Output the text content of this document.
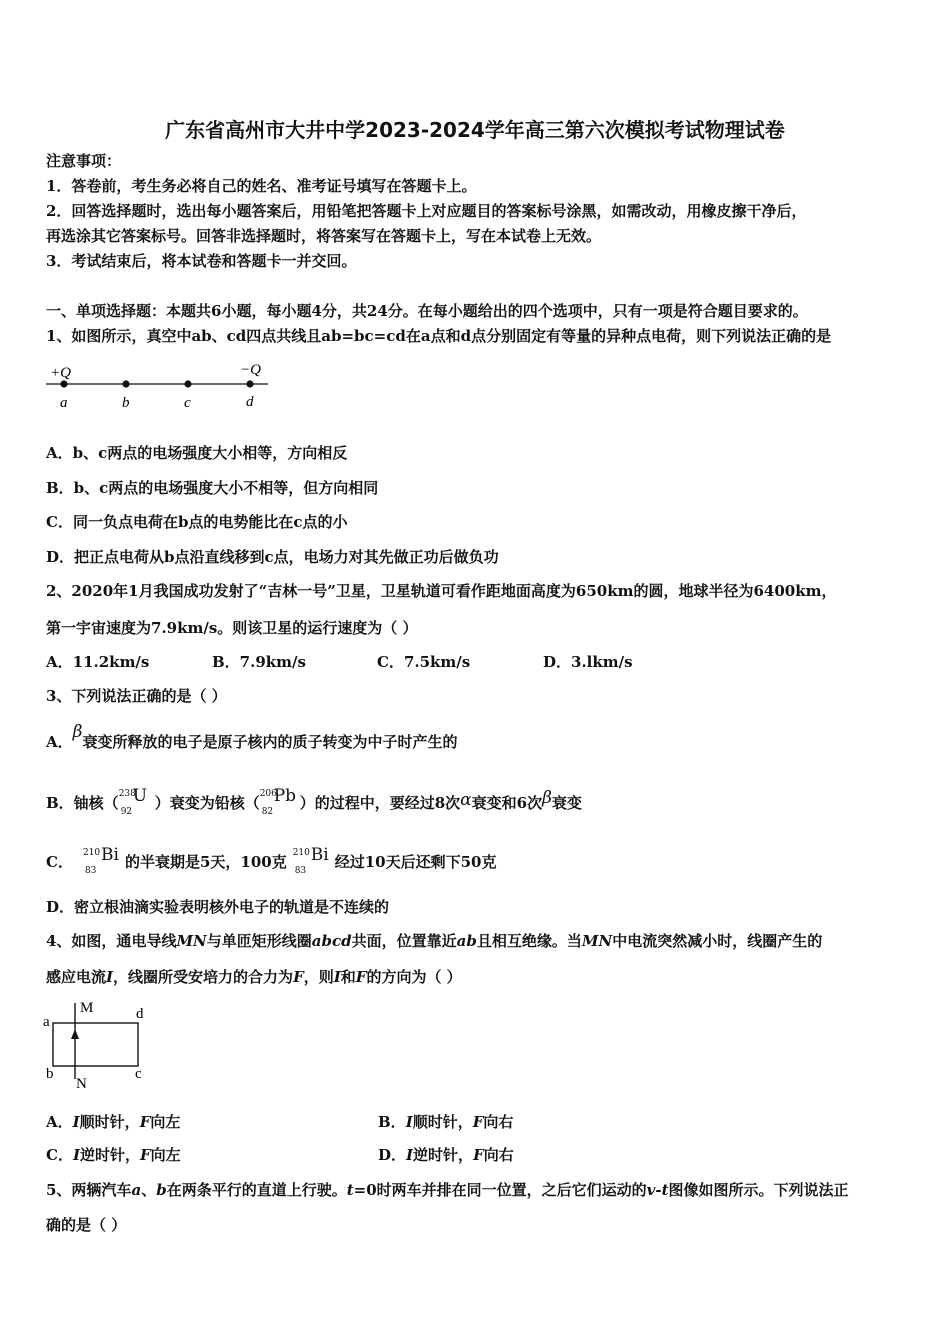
广东省高州市大井中学2023-2024学年高三第六次模拟考试物理试卷
注意事项：
1．答卷前，考生务必将自己的姓名、准考证号填写在答题卡上。
2．回答选择题时，选出每小题答案后，用铅笔把答题卡上对应题目的答案标号涂黑，如需改动，用橡皮擦干净后，
再选涂其它答案标号。回答非选择题时，将答案写在答题卡上，写在本试卷上无效。
3．考试结束后，将本试卷和答题卡一并交回。
一、单项选择题：本题共6小题，每小题4分，共24分。在每小题给出的四个选项中，只有一项是符合题目要求的。
1、如图所示，真空中ab、cd四点共线且ab=bc=cd在a点和d点分别固定有等量的异种点电荷，则下列说法正确的是
+Q	−Q
a	b	c	d
A．b、c两点的电场强度大小相等，方向相反
B．b、c两点的电场强度大小不相等，但方向相同
C．同一负点电荷在b点的电势能比在c点的小
D．把正点电荷从b点沿直线移到c点，电场力对其先做正功后做负功
2、2020年1月我国成功发射了“吉林一号”卫星，卫星轨道可看作距地面高度为650km的圆，地球半径为6400km，
第一宇宙速度为7.9km/s。则该卫星的运行速度为（ ）
A．11.2km/s	B．7.9km/s	C．7.5km/s	D．3.lkm/s
3、下列说法正确的是（ ）
A．β衰变所释放的电子是原子核内的质子转变为中子时产生的
B．铀核（ 238
92
U ）衰变为铅核（ 206
82
Pb ）的过程中，要经过8次α衰变和6次β衰变
C． 210
83
Bi 的半衰期是5天，100克 210
83
Bi 经过10天后还剩下50克
D．密立根油滴实验表明核外电子的轨道是不连续的
4、如图，通电导线MN与单匝矩形线圈abcd共面，位置靠近ab且相互绝缘。当MN中电流突然减小时，线圈产生的
感应电流I，线圈所受安培力的合力为F，则I和F的方向为（ ）
M
N
a
b	c
d
A．I顺时针，F向左	B．I顺时针，F向右
C．I逆时针，F向左	D．I逆时针，F向右
5、两辆汽车a、b在两条平行的直道上行驶。t=0时两车并排在同一位置，之后它们运动的v-t图像如图所示。下列说法正
确的是（ ）
